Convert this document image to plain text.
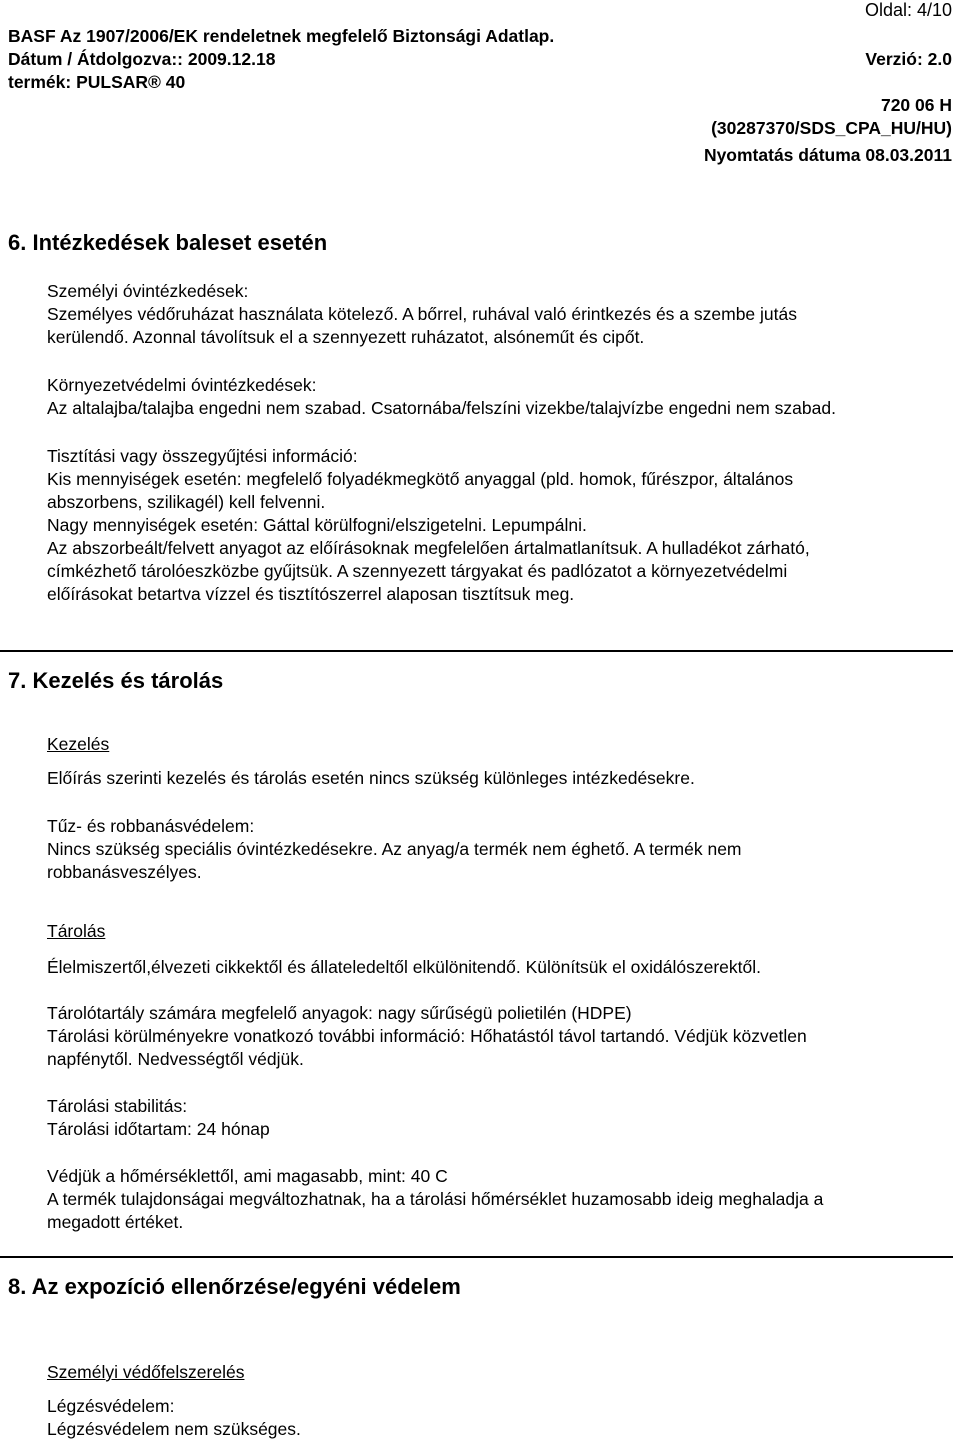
Oldal: 4/10
BASF Az 1907/2006/EK rendeletnek megfelelő Biztonsági Adatlap.
Dátum / Átdolgozva:: 2009.12.18	Verzió: 2.0
termék: PULSAR® 40
720 06 H
(30287370/SDS_CPA_HU/HU)
Nyomtatás dátuma 08.03.2011
6. Intézkedések baleset esetén
Személyi óvintézkedések:
Személyes védőruházat használata kötelező. A bőrrel, ruhával való érintkezés és a szembe jutás
kerülendő. Azonnal távolítsuk el a szennyezett ruházatot, alsóneműt és cipőt.
Környezetvédelmi óvintézkedések:
Az altalajba/talajba engedni nem szabad. Csatornába/felszíni vizekbe/talajvízbe engedni nem szabad.
Tisztítási vagy összegyűjtési információ:
Kis mennyiségek esetén: megfelelő folyadékmegkötő anyaggal (pld. homok, fűrészpor, általános
abszorbens, szilikagél) kell felvenni.
Nagy mennyiségek esetén: Gáttal körülfogni/elszigetelni. Lepumpálni.
Az abszorbeált/felvett anyagot az előírásoknak megfelelően ártalmatlanítsuk. A hulladékot zárható,
címkézhető tárolóeszközbe gyűjtsük. A szennyezett tárgyakat és padlózatot a környezetvédelmi
előírásokat betartva vízzel és tisztítószerrel alaposan tisztítsuk meg.
7. Kezelés és tárolás
Kezelés
Előírás szerinti kezelés és tárolás esetén nincs szükség különleges intézkedésekre.
Tűz- és robbanásvédelem:
Nincs szükség speciális óvintézkedésekre. Az anyag/a termék nem éghető. A termék nem
robbanásveszélyes.
Tárolás
Élelmiszertől,élvezeti cikkektől és állateledeltől elkülönitendő. Különítsük el oxidálószerektől.
Tárolótartály számára megfelelő anyagok: nagy sűrűségü polietilén (HDPE)
Tárolási körülményekre vonatkozó további információ: Hőhatástól távol tartandó. Védjük közvetlen
napfénytől. Nedvességtől védjük.
Tárolási stabilitás:
Tárolási időtartam: 24 hónap
Védjük a hőmérséklettől, ami magasabb, mint: 40 C
A termék tulajdonságai megváltozhatnak, ha a tárolási hőmérséklet huzamosabb ideig meghaladja a
megadott értéket.
8. Az expozíció ellenőrzése/egyéni védelem
Személyi védőfelszerelés
Légzésvédelem:
Légzésvédelem nem szükséges.
